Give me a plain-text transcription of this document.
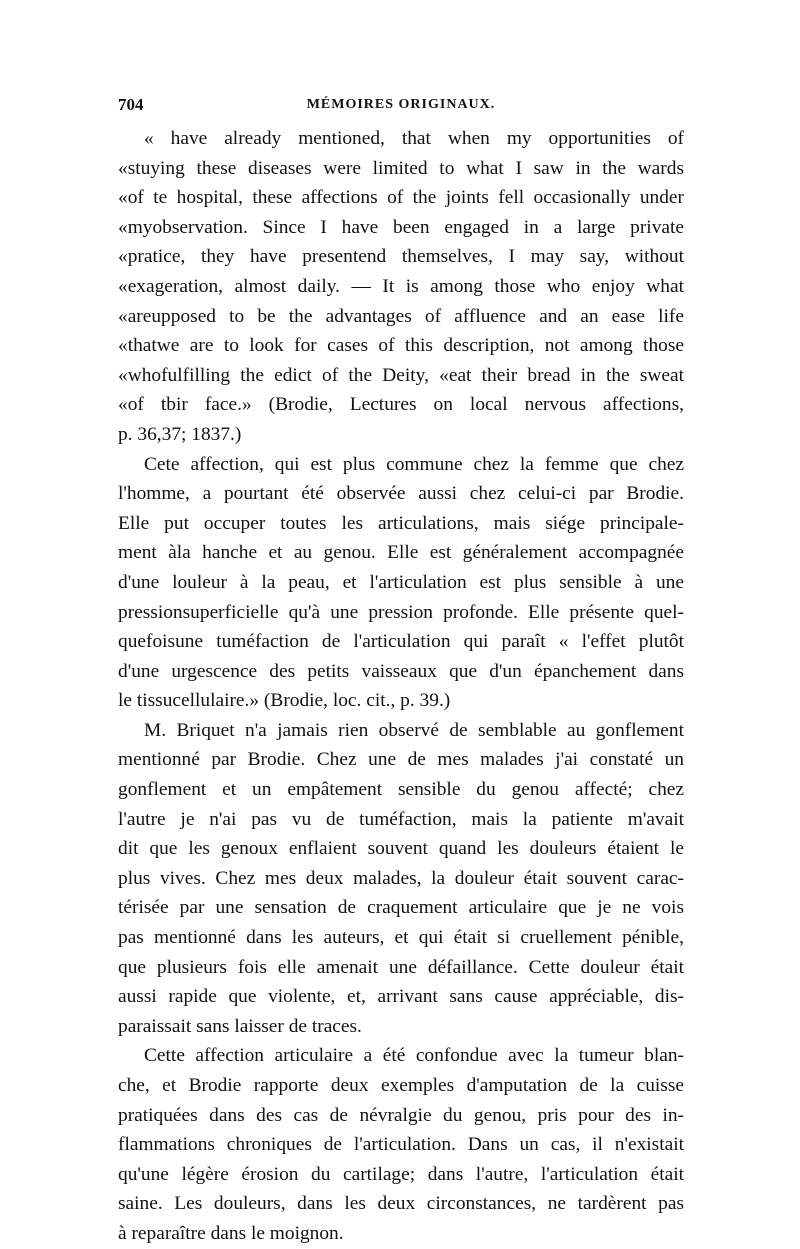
704	MÉMOIRES ORIGINAUX.
« have already mentioned, that when my opportunities of
«stuying these diseases were limited to what I saw in the wards
«of te hospital, these affections of the joints fell occasionally under
«myobservation. Since I have been engaged in a large private
«pratice, they have presentend themselves, I may say, without
«exageration, almost daily. — It is among those who enjoy what
«areupposed to be the advantages of affluence and an ease life
«thatwe are to look for cases of this description, not among those
«whofulfilling the edict of the Deity, «eat their bread in the sweat
«of tbir face.» (Brodie, Lectures on local nervous affections,
p. 36,37; 1837.)
Cete affection, qui est plus commune chez la femme que chez
l'homme, a pourtant été observée aussi chez celui-ci par Brodie.
Elle put occuper toutes les articulations, mais siége principale-
ment àla hanche et au genou. Elle est généralement accompagnée
d'une louleur à la peau, et l'articulation est plus sensible à une
pressionsuperficielle qu'à une pression profonde. Elle présente quel-
quefoisune tuméfaction de l'articulation qui paraît « l'effet plutôt
d'une urgescence des petits vaisseaux que d'un épanchement dans
le tissucellulaire.» (Brodie, loc. cit., p. 39.)
M. Briquet n'a jamais rien observé de semblable au gonflement
mentionné par Brodie. Chez une de mes malades j'ai constaté un
gonflement et un empâtement sensible du genou affecté; chez
l'autre je n'ai pas vu de tuméfaction, mais la patiente m'avait
dit que les genoux enflaient souvent quand les douleurs étaient le
plus vives. Chez mes deux malades, la douleur était souvent carac-
térisée par une sensation de craquement articulaire que je ne vois
pas mentionné dans les auteurs, et qui était si cruellement pénible,
que plusieurs fois elle amenait une défaillance. Cette douleur était
aussi rapide que violente, et, arrivant sans cause appréciable, dis-
paraissait sans laisser de traces.
Cette affection articulaire a été confondue avec la tumeur blan-
che, et Brodie rapporte deux exemples d'amputation de la cuisse
pratiquées dans des cas de névralgie du genou, pris pour des in-
flammations chroniques de l'articulation. Dans un cas, il n'existait
qu'une légère érosion du cartilage; dans l'autre, l'articulation était
saine. Les douleurs, dans les deux circonstances, ne tardèrent pas
à reparaître dans le moignon.
